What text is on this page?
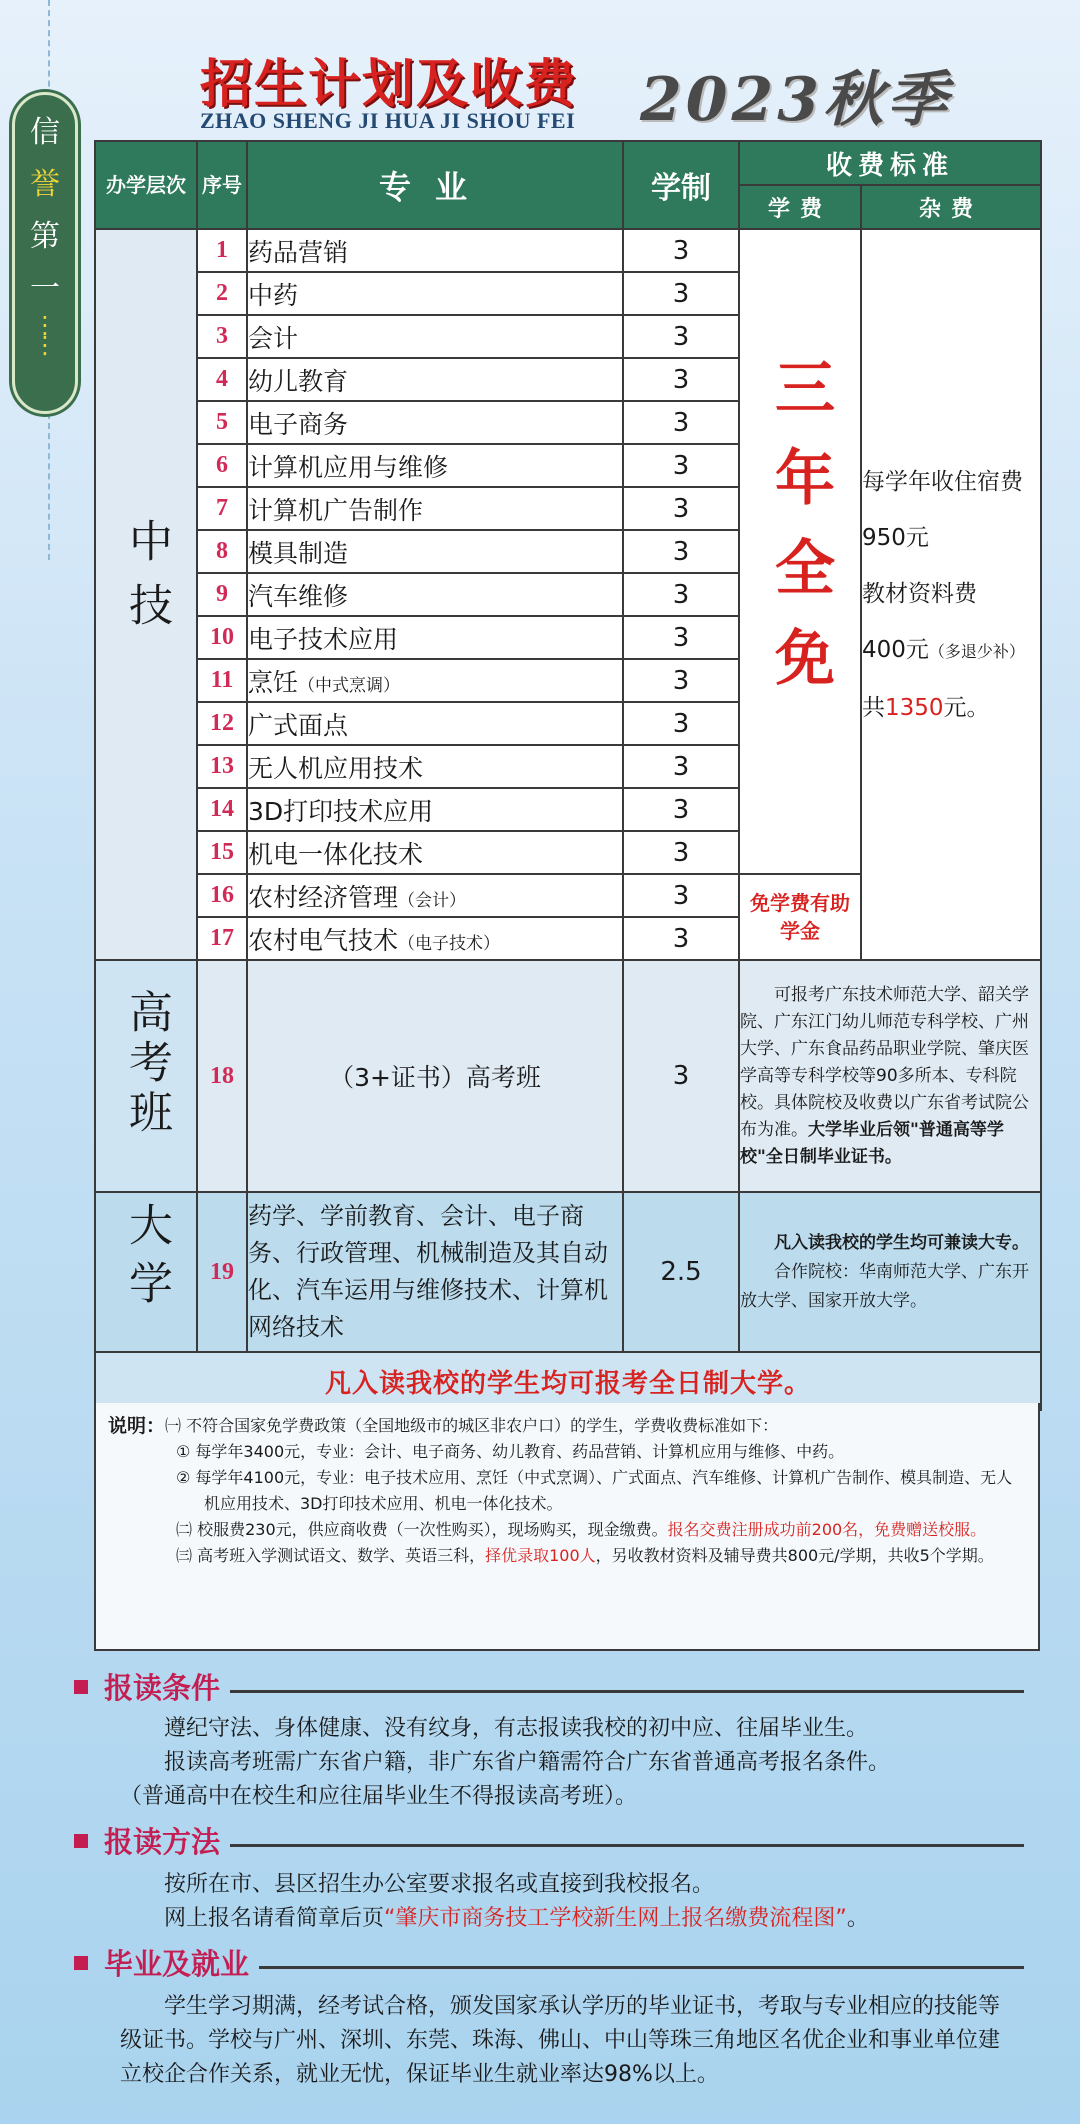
信
誉
第
一
⋮
⋮
招生计划及收费
ZHAO SHENG JI HUA JI SHOU FEI 2023秋季
办学层次	序号	专业	学制	收费标准	
				学费	杂费
中技	1	药品营销	3	三年全免	每学年收住宿费
950元
教材资料费
400元（多退少补）
共1350元。

	2	中药	3		
	3	会计	3		
	4	幼儿教育	3		
	5	电子商务	3		
	6	计算机应用与维修	3		
	7	计算机广告制作	3		
	8	模具制造	3		
	9	汽车维修	3		
	10	电子技术应用	3		
	11	烹饪（中式烹调）	3		
	12	广式面点	3		
	13	无人机应用技术	3		
	14	3D打印技术应用	3		
	15	机电一体化技术	3		
	16	农村经济管理（会计）	3	免学费有助学金	

	17	农村电气技术（电子技术）	3		
高考班	18	（3+证书）高考班	3	可报考广东技术师范大学、韶关学院、广东江门幼儿师范专科学校、广州大学、广东食品药品职业学院、肇庆医学高等专科学校等90多所本、专科院校。具体院校及收费以广东省考试院公布为准。大学毕业后领"普通高等学校"全日制毕业证书。	
大学	19	药学、学前教育、会计、电子商务、行政管理、机械制造及其自动化、汽车运用与维修技术、计算机网络技术	2.5	凡入读我校的学生均可兼读大专。
合作院校：华南师范大学、广东开放大学、国家开放大学。	

凡入读我校的学生均可报考全日制大学。					
说明： ㈠ 不符合国家免学费政策（全国地级市的城区非农户口）的学生，学费收费标准如下：
① 每学年3400元，专业：会计、电子商务、幼儿教育、药品营销、计算机应用与维修、中药。
② 每学年4100元，专业：电子技术应用、烹饪（中式烹调）、广式面点、汽车维修、计算机广告制作、模具制造、无人机应用技术、3D打印技术应用、机电一体化技术。
㈡ 校服费230元，供应商收费（一次性购买），现场购买，现金缴费。报名交费注册成功前200名，免费赠送校服。
㈢ 高考班入学测试语文、数学、英语三科，择优录取100人，另收教材资料及辅导费共800元/学期，共收5个学期。
报读条件

遵纪守法、身体健康、没有纹身，有志报读我校的初中应、往届毕业生。

报读高考班需广东省户籍，非广东省户籍需符合广东省普通高考报名条件。

（普通高中在校生和应往届毕业生不得报读高考班）。

报读方法

按所在市、县区招生办公室要求报名或直接到我校报名。

网上报名请看简章后页“肇庆市商务技工学校新生网上报名缴费流程图”。

毕业及就业

学生学习期满，经考试合格，颁发国家承认学历的毕业证书，考取与专业相应的技能等级证书。学校与广州、深圳、东莞、珠海、佛山、中山等珠三角地区名优企业和事业单位建立校企合作关系，就业无忧，保证毕业生就业率达98%以上。
